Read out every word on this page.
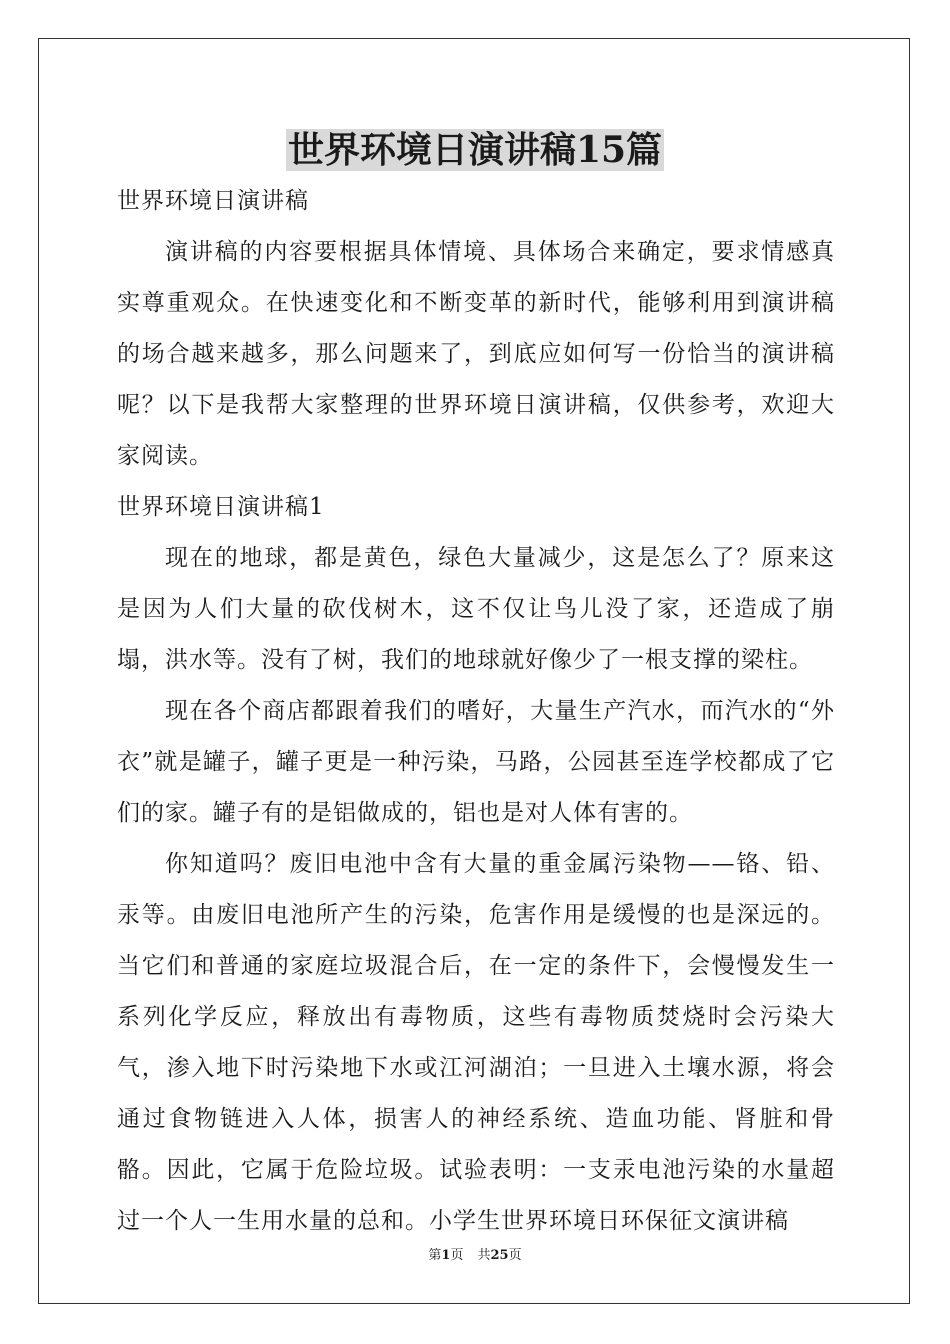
世界环境日演讲稿15篇

世界环境日演讲稿

演讲稿的内容要根据具体情境、具体场合来确定，要求情感真实尊重观众。在快速变化和不断变革的新时代，能够利用到演讲稿的场合越来越多，那么问题来了，到底应如何写一份恰当的演讲稿呢？以下是我帮大家整理的世界环境日演讲稿，仅供参考，欢迎大家阅读。

世界环境日演讲稿1

现在的地球，都是黄色，绿色大量减少，这是怎么了？原来这是因为人们大量的砍伐树木，这不仅让鸟儿没了家，还造成了崩塌，洪水等。没有了树，我们的地球就好像少了一根支撑的梁柱。

现在各个商店都跟着我们的嗜好，大量生产汽水，而汽水的“外衣”就是罐子，罐子更是一种污染，马路，公园甚至连学校都成了它们的家。罐子有的是铝做成的，铝也是对人体有害的。

你知道吗？废旧电池中含有大量的重金属污染物——铬、铅、汞等。由废旧电池所产生的污染，危害作用是缓慢的也是深远的。当它们和普通的家庭垃圾混合后，在一定的条件下，会慢慢发生一系列化学反应，释放出有毒物质，这些有毒物质焚烧时会污染大气，渗入地下时污染地下水或江河湖泊；一旦进入土壤水源，将会通过食物链进入人体，损害人的神经系统、造血功能、肾脏和骨骼。因此，它属于危险垃圾。试验表明：一支汞电池污染的水量超过一个人一生用水量的总和。小学生世界环境日环保征文演讲稿

第1页 共25页
